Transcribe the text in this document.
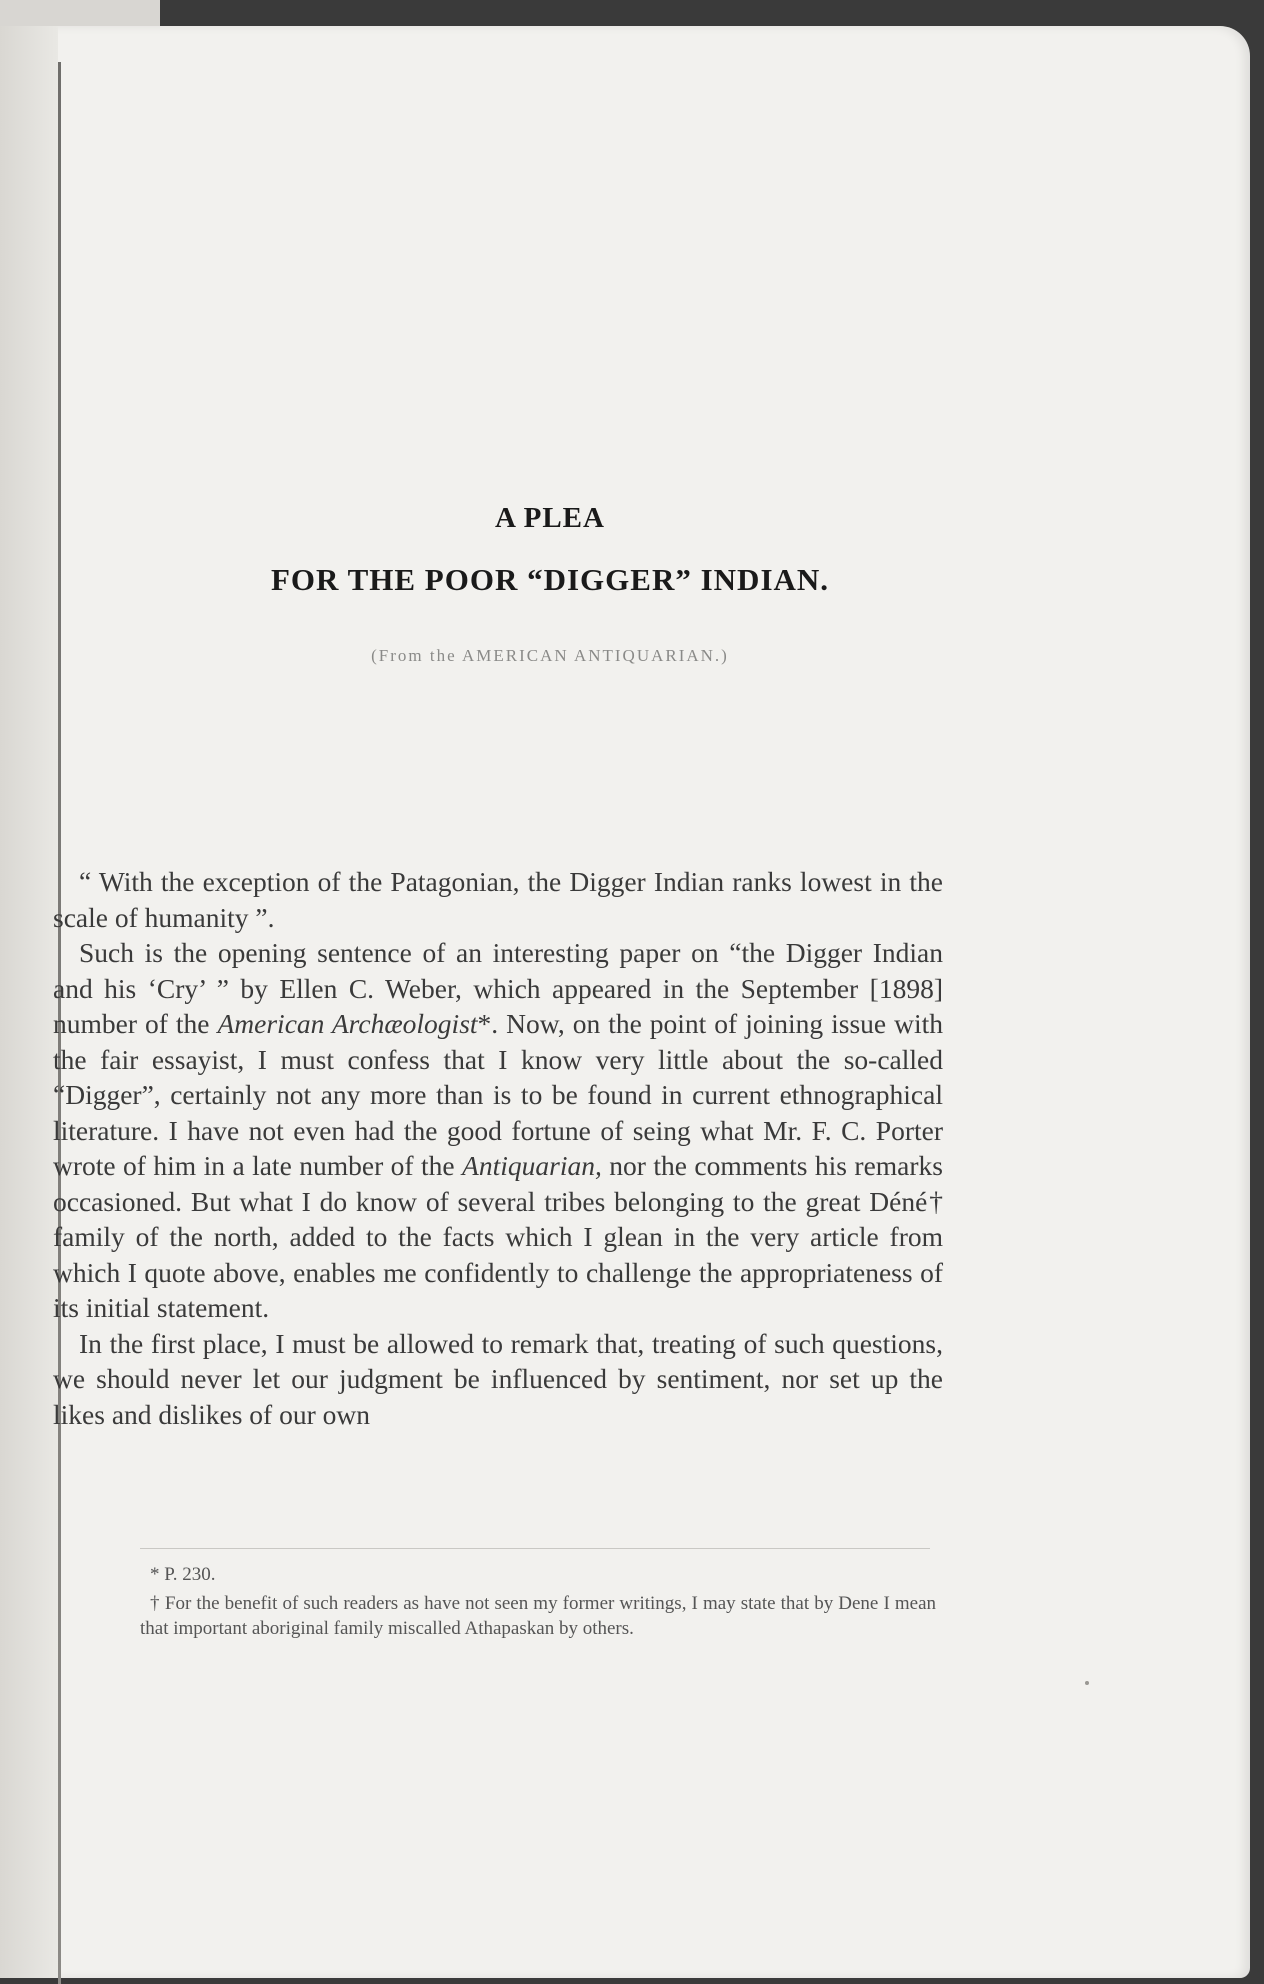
A PLEA
FOR THE POOR “DIGGER” INDIAN.
(From the AMERICAN ANTIQUARIAN.)

“ With the exception of the Patagonian, the Digger Indian ranks lowest in the scale of humanity ”.

Such is the opening sentence of an interesting paper on “the Digger Indian and his ‘Cry’ ” by Ellen C. Weber, which appeared in the September [1898] number of the American Archæologist*. Now, on the point of joining issue with the fair essayist, I must confess that I know very little about the so-called “Digger”, certainly not any more than is to be found in current ethnographical literature. I have not even had the good fortune of seing what Mr. F. C. Porter wrote of him in a late number of the Antiquarian, nor the comments his remarks occasioned. But what I do know of several tribes belonging to the great Déné† family of the north, added to the facts which I glean in the very article from which I quote above, enables me confidently to challenge the appropriateness of its initial statement.

In the first place, I must be allowed to remark that, treating of such questions, we should never let our judgment be influenced by sentiment, nor set up the likes and dislikes of our own

* P. 230.

† For the benefit of such readers as have not seen my former writings, I may state that by Dene I mean that important aboriginal family miscalled Athapaskan by others.
